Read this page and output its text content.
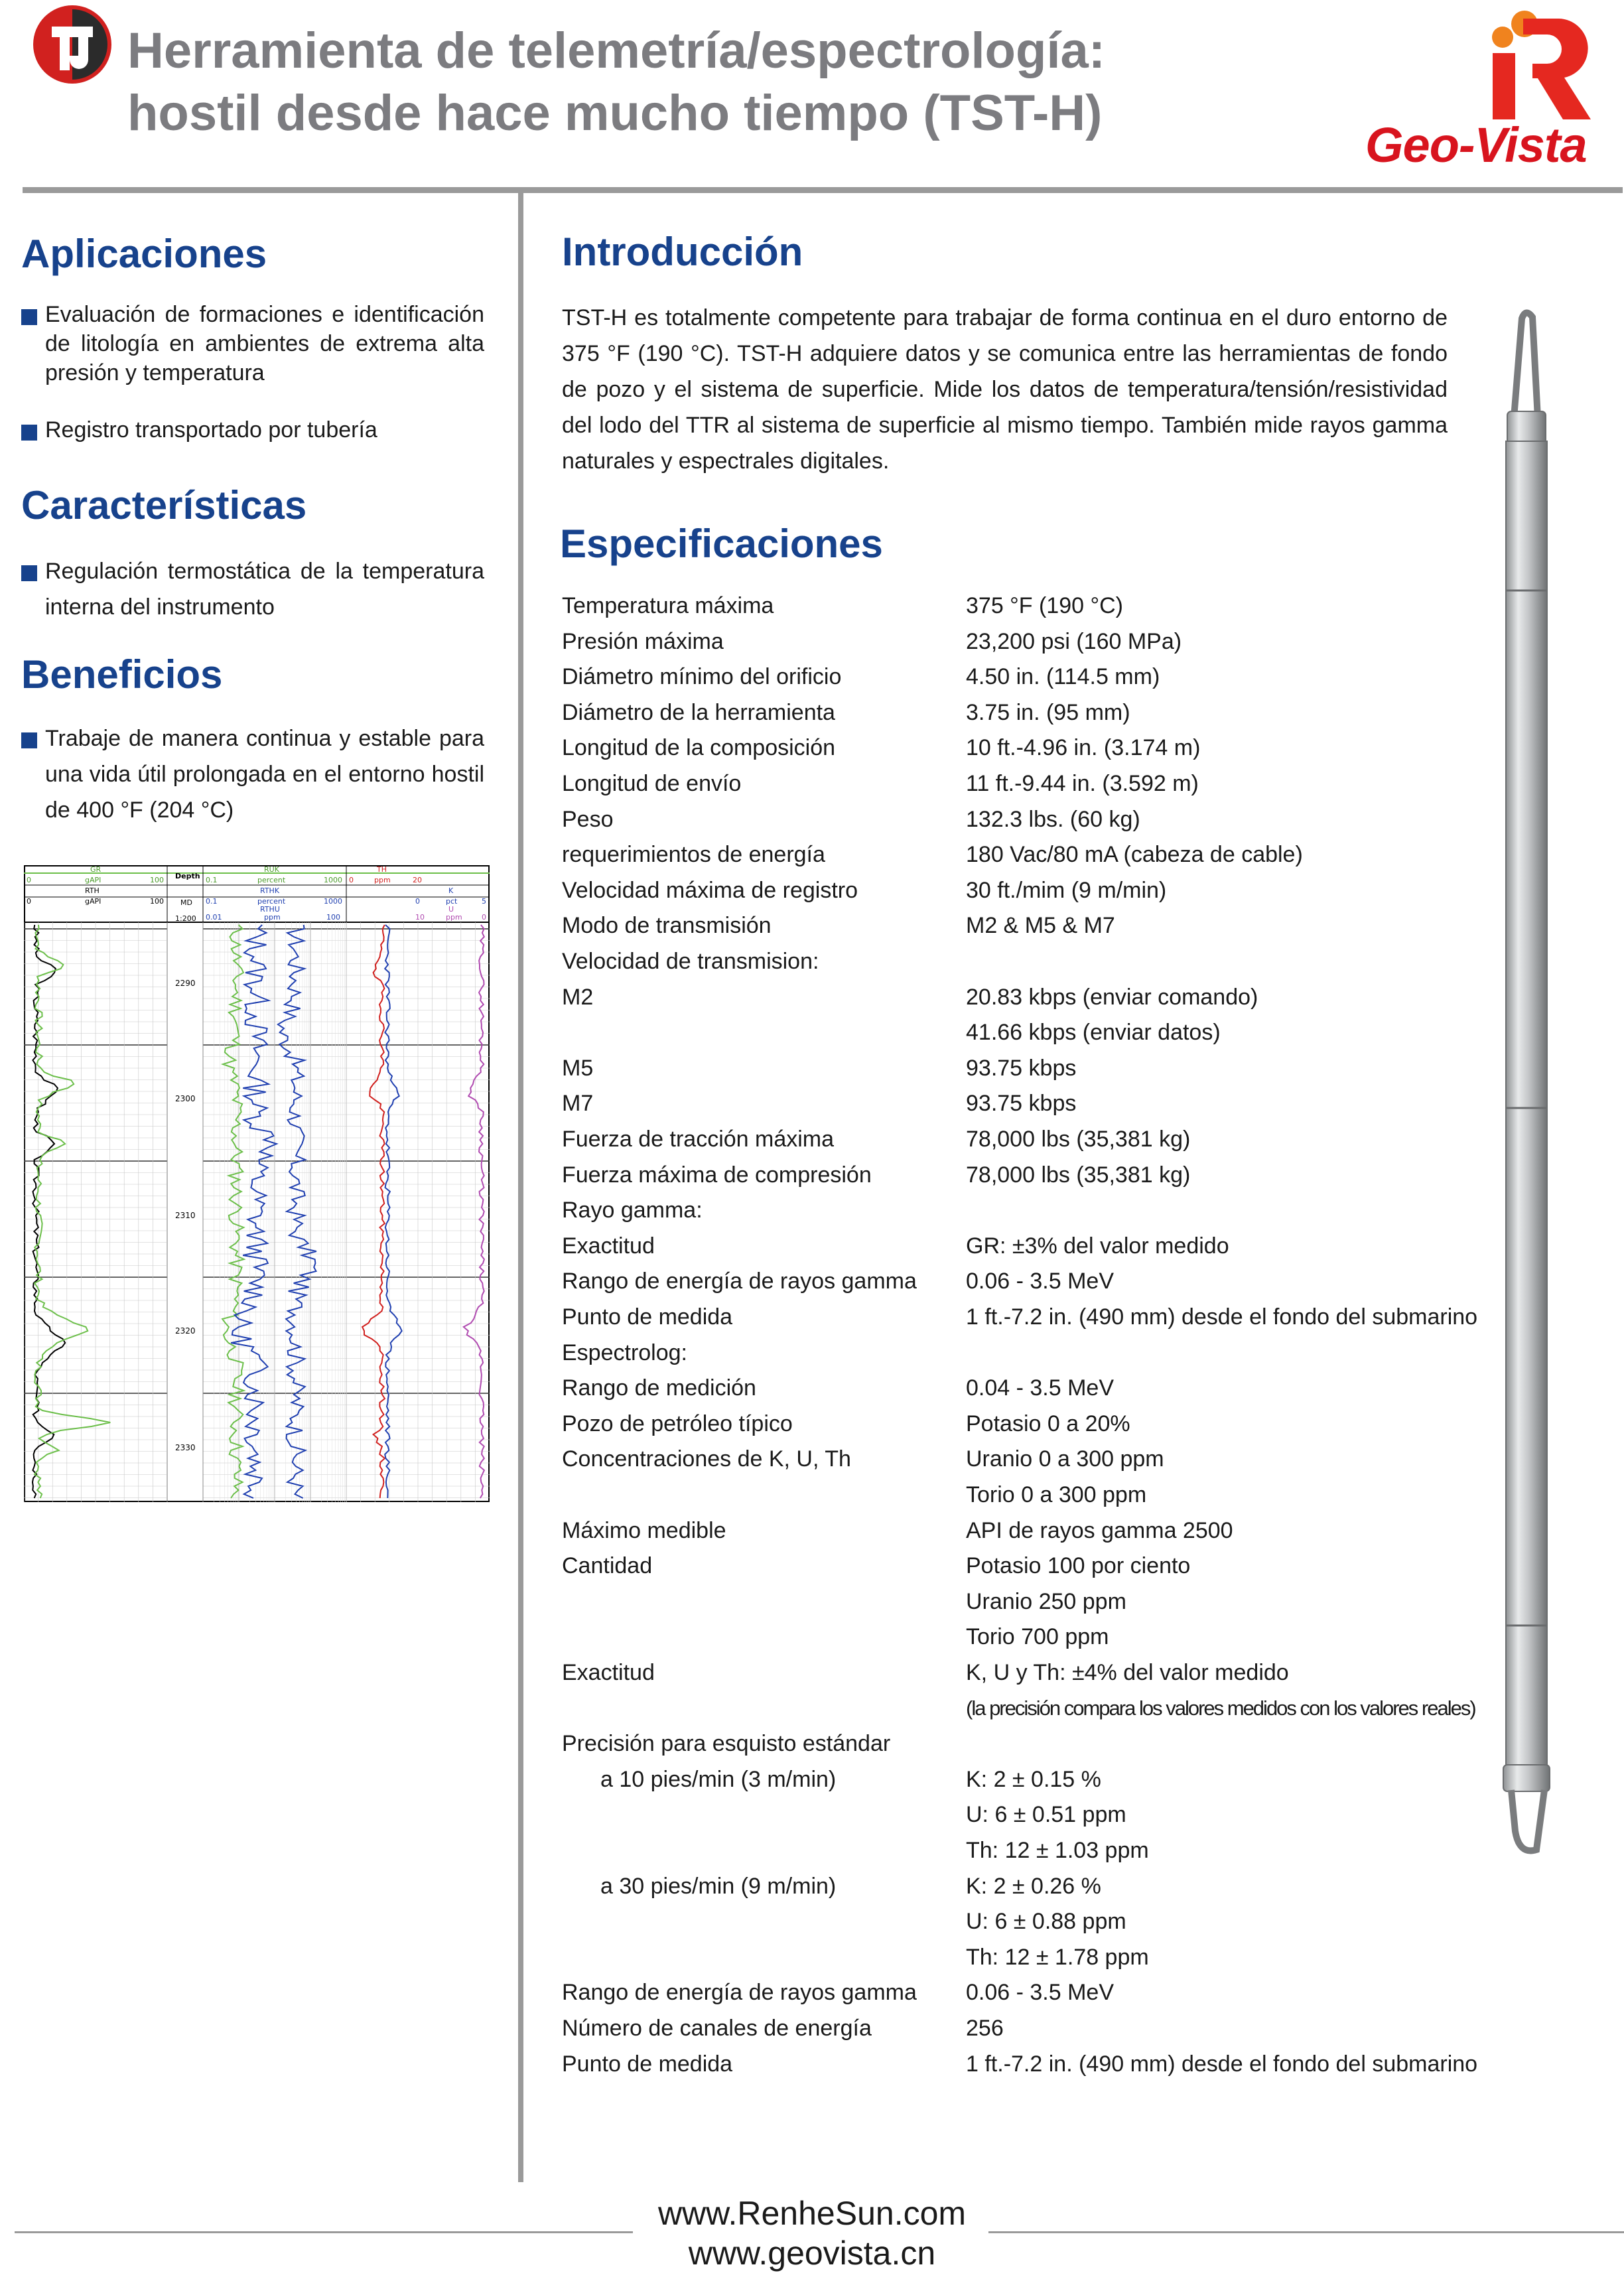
Herramienta de telemetría/espectrología:
hostil desde hace mucho tiempo (TST-H)
Geo-Vista
Aplicaciones
Evaluación de formaciones e identificación de litología en ambientes de extrema alta presión y temperatura
Registro transportado por tubería
Características
Regulación termostática de la temperatura interna del instrumento
Beneficios
Trabaje de manera continua y estable para una vida útil prolongada en el entorno hostil de 400 °F (204 °C)
GR
gAPI
0	100
RTH
gAPI
0	100
Depth
MD
1:200
RUK
percent
0.1	1000
RTHK
percent
0.1	1000
RTHU
ppm
0.01	100
TH
ppm
0	20
K
pct
0	5
U
ppm
10	0
2290
2300
2310
2320
2330
Introducción
TST-H es totalmente competente para trabajar de forma continua en el duro entorno de 375 °F (190 °C). TST-H adquiere datos y se comunica entre las herramientas de fondo de pozo y el sistema de superficie. Mide los datos de temperatura/tensión/resistividad del lodo del TTR al sistema de superficie al mismo tiempo. También mide rayos gamma naturales y espectrales digitales.
Especificaciones
Temperatura máxima	375 °F (190 °C)
Presión máxima	23,200 psi (160 MPa)
Diámetro mínimo del orificio	4.50 in. (114.5 mm)
Diámetro de la herramienta	3.75 in. (95 mm)
Longitud de la composición	10 ft.-4.96 in. (3.174 m)
Longitud de envío	11 ft.-9.44 in. (3.592 m)
Peso	132.3 lbs. (60 kg)
requerimientos de energía	180 Vac/80 mA (cabeza de cable)
Velocidad máxima de registro	30 ft./mim (9 m/min)
Modo de transmisión	M2 & M5 & M7
Velocidad de transmision:
M2	20.83 kbps (enviar comando)
41.66 kbps (enviar datos)
M5	93.75 kbps
M7	93.75 kbps
Fuerza de tracción máxima	78,000 lbs (35,381 kg)
Fuerza máxima de compresión	78,000 lbs (35,381 kg)
Rayo gamma:
Exactitud	GR: ±3% del valor medido
Rango de energía de rayos gamma 0.06 - 3.5 MeV
Punto de medida	1 ft.-7.2 in. (490 mm) desde el fondo del submarino
Espectrolog:
Rango de medición	0.04 - 3.5 MeV
Pozo de petróleo típico	Potasio 0 a 20%
Concentraciones de K, U, Th	Uranio 0 a 300 ppm
Torio 0 a 300 ppm
Máximo medible	API de rayos gamma 2500
Cantidad	Potasio 100 por ciento
Uranio 250 ppm
Torio 700 ppm
Exactitud	K, U y Th: ±4% del valor medido
(la precisión compara los valores medidos con los valores reales)
Precisión para esquisto estándar
a 10 pies/min (3 m/min)	K: 2 ± 0.15 %
U: 6 ± 0.51 ppm
Th: 12 ± 1.03 ppm
a 30 pies/min (9 m/min)	K: 2 ± 0.26 %
U: 6 ± 0.88 ppm
Th: 12 ± 1.78 ppm
Rango de energía de rayos gamma 0.06 - 3.5 MeV
Número de canales de energía	256
Punto de medida	1 ft.-7.2 in. (490 mm) desde el fondo del submarino
www.RenheSun.com
www.geovista.cn
